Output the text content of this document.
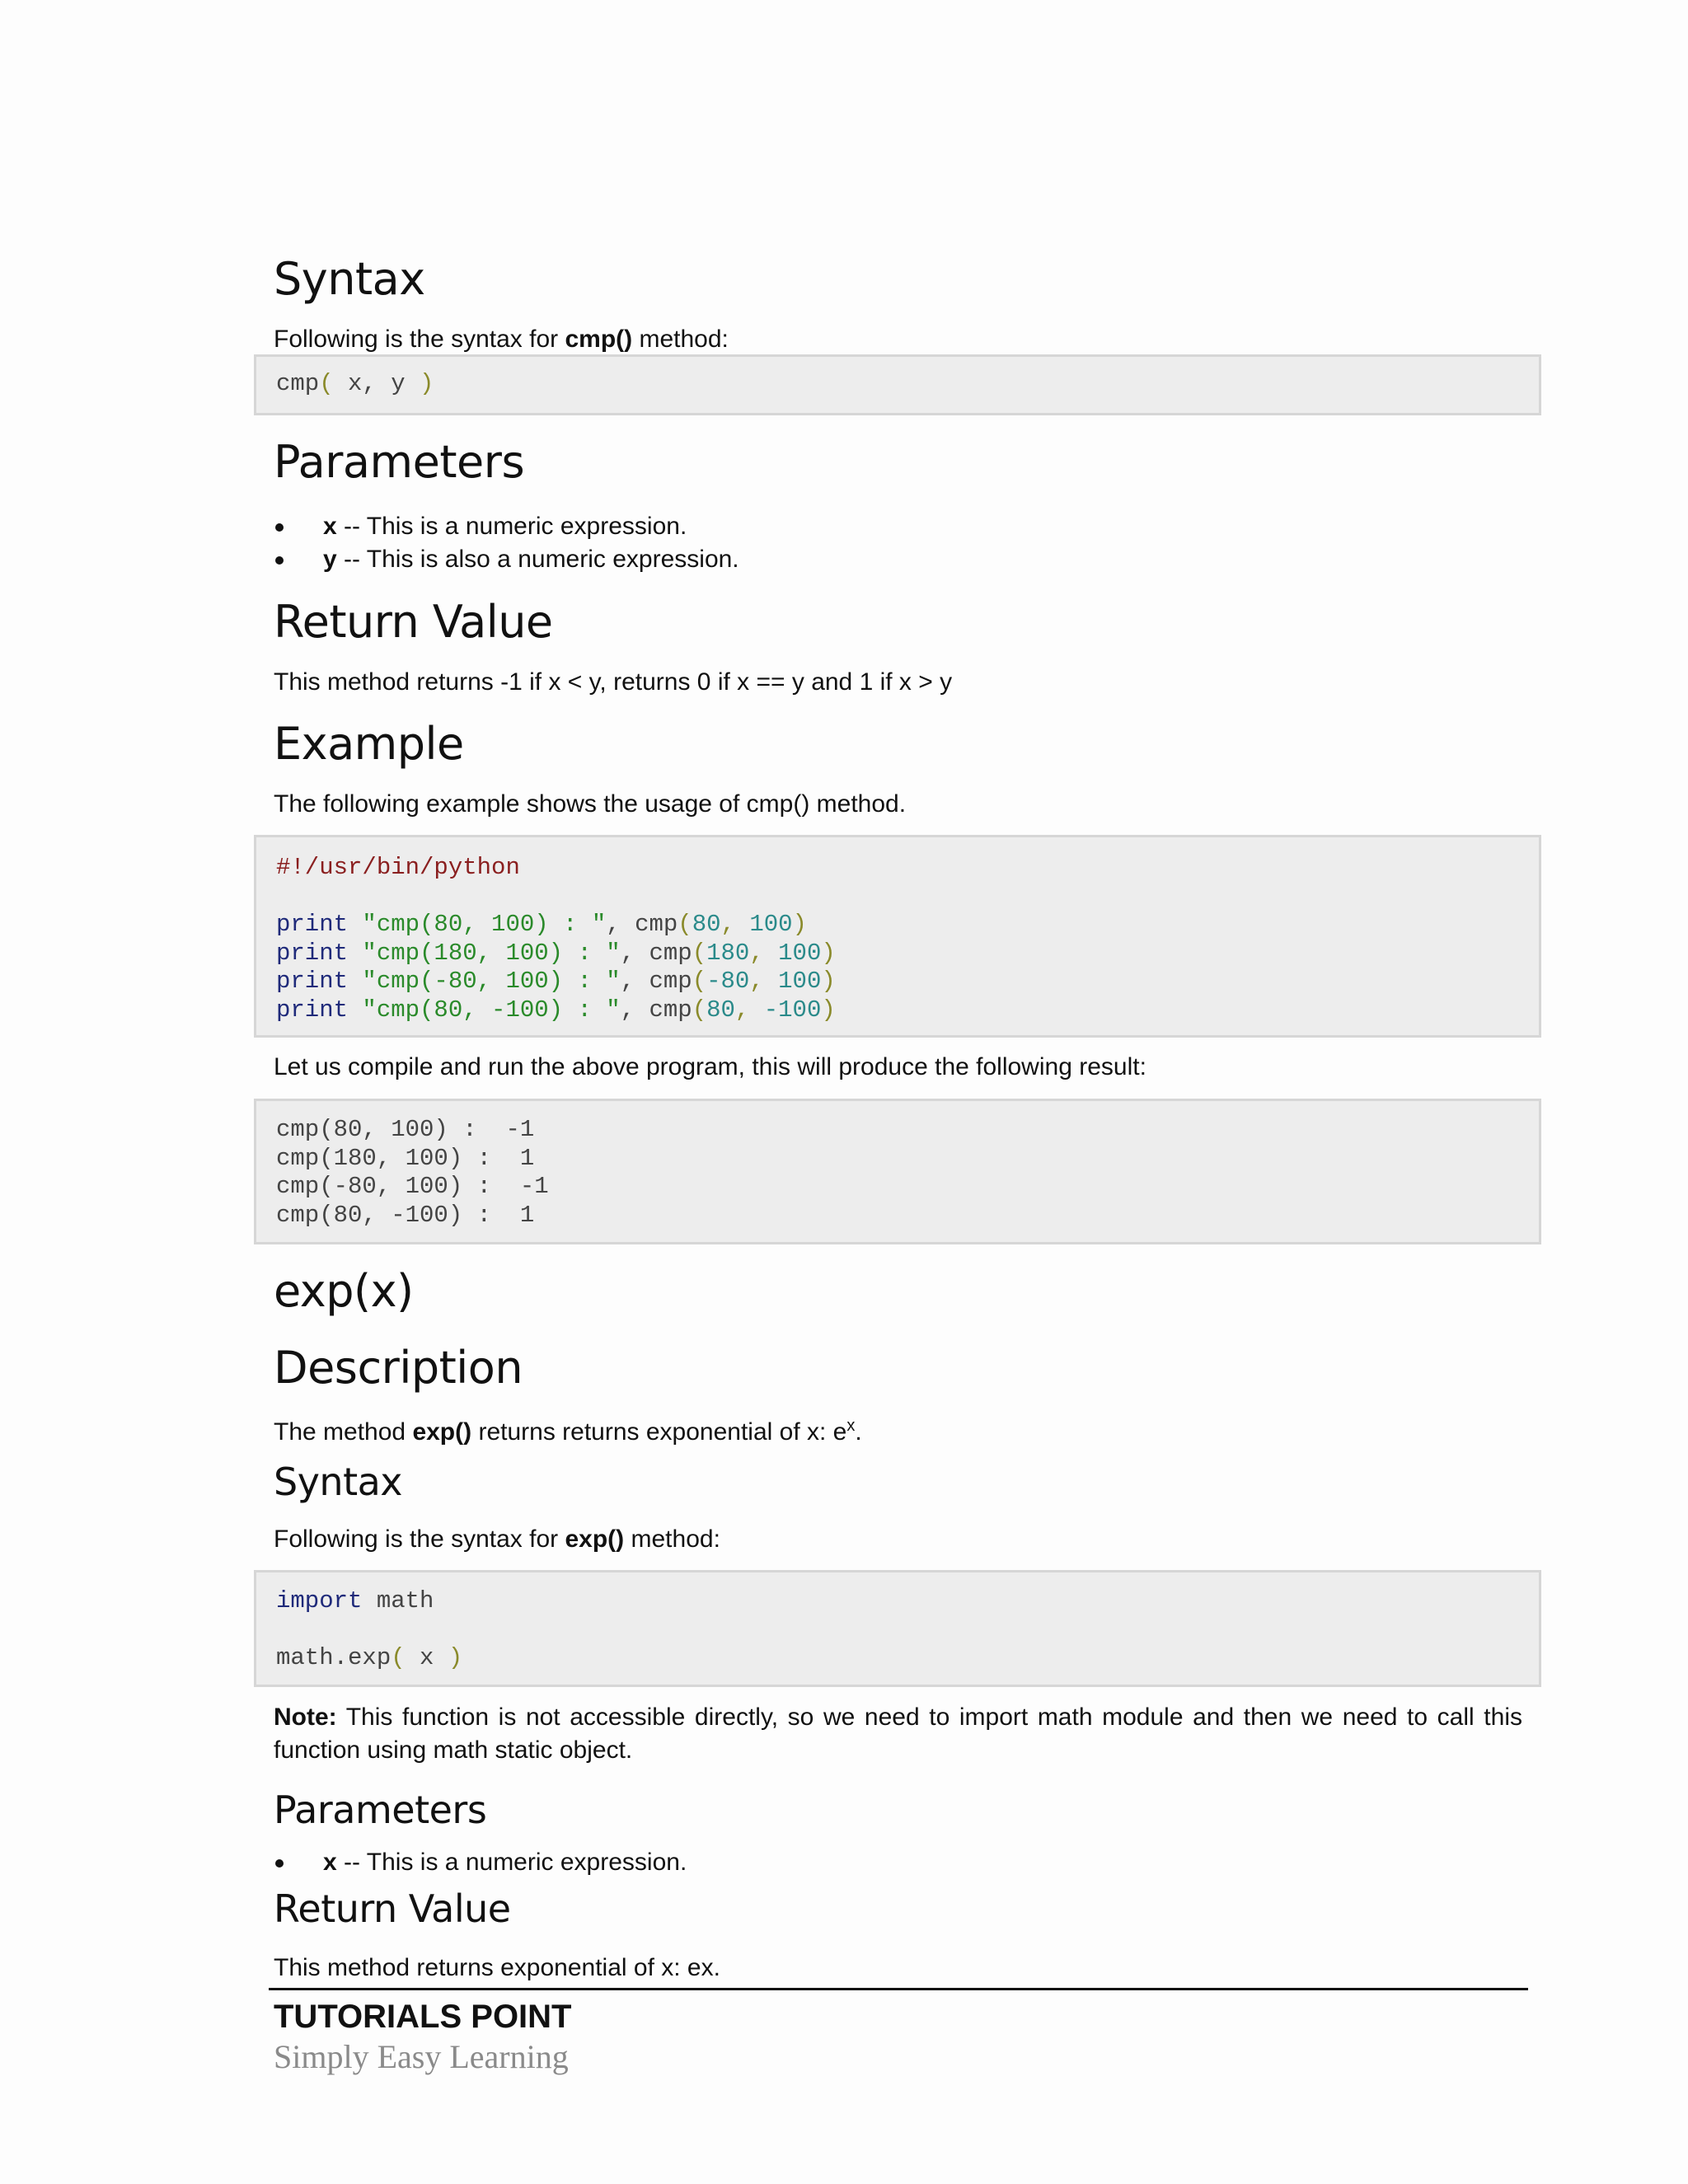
Syntax

Following is the syntax for cmp() method:

cmp( x, y )
Parameters
x -- This is a numeric expression.
y -- This is also a numeric expression.
Return Value

This method returns -1 if x < y, returns 0 if x == y and 1 if x > y

Example

The following example shows the usage of cmp() method.

#!/usr/bin/python

print "cmp(80, 100) : ", cmp(80, 100)
print "cmp(180, 100) : ", cmp(180, 100)
print "cmp(-80, 100) : ", cmp(-80, 100)
print "cmp(80, -100) : ", cmp(80, -100)

Let us compile and run the above program, this will produce the following result:

cmp(80, 100) :  -1
cmp(180, 100) :  1
cmp(-80, 100) :  -1
cmp(80, -100) :  1
exp(x)
Description

The method exp() returns returns exponential of x: $e^x$.

Syntax

Following is the syntax for exp() method:

import math

math.exp( x )

Note: This function is not accessible directly, so we need to import math module and then we need to call this function using math static object.

Parameters
x -- This is a numeric expression.
Return Value

This method returns exponential of x: ex.

TUTORIALS POINT

Simply Easy Learning
